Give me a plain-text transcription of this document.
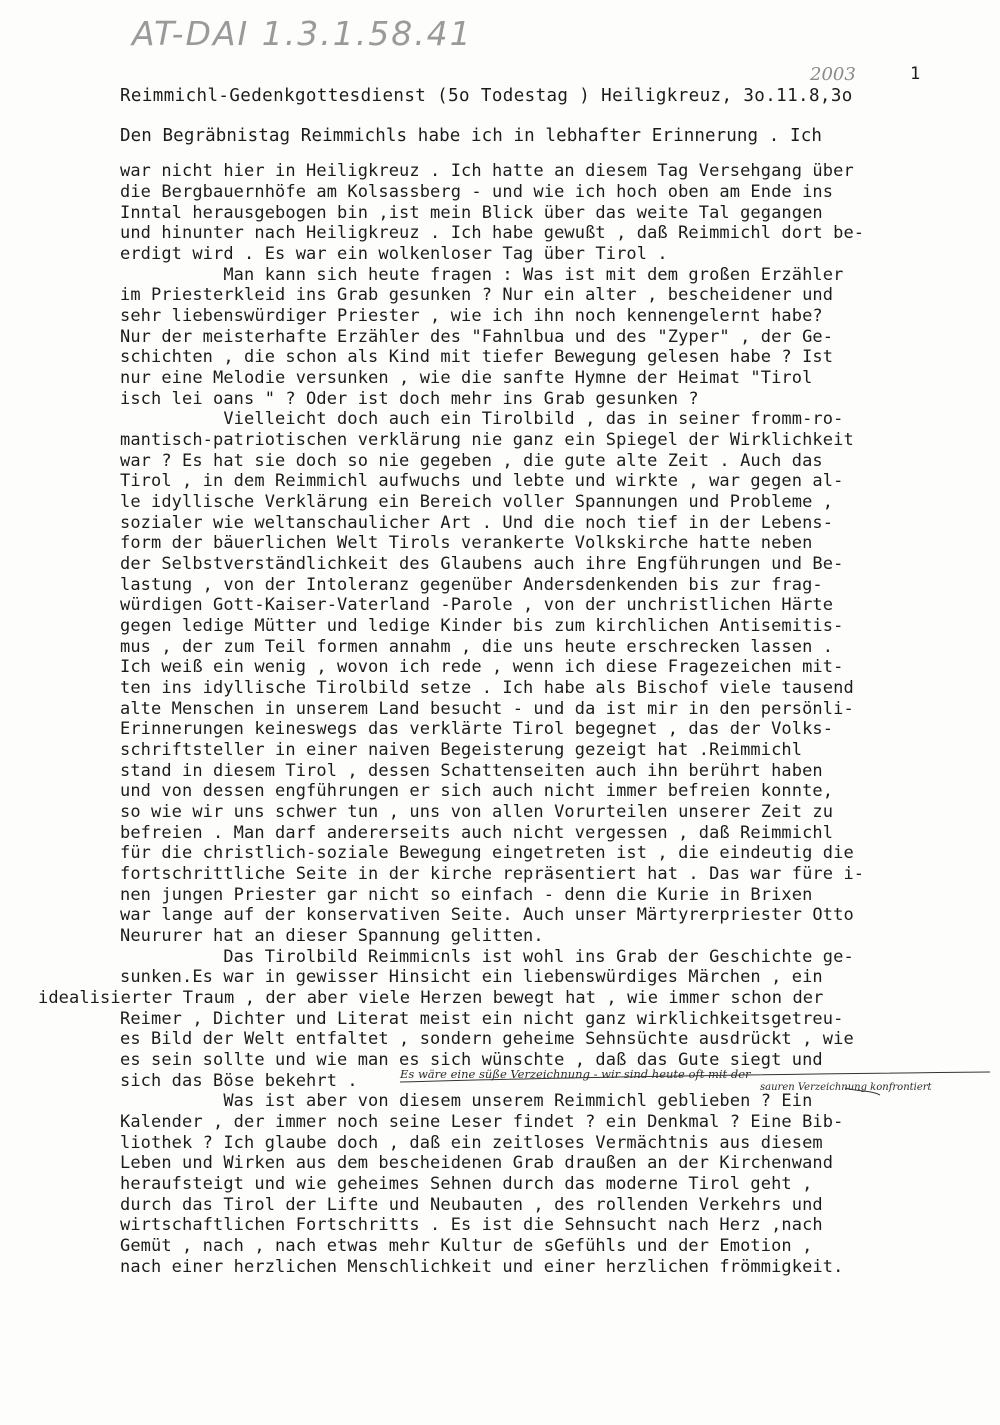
AT-DAI 1.3.1.58.41
2003	1
Reimmichl-Gedenkgottesdienst (5o Todestag ) Heiligkreuz, 3o.11.8,3o
Den Begräbnistag Reimmichls habe ich in lebhafter Erinnerung . Ich
war nicht hier in Heiligkreuz . Ich hatte an diesem Tag Versehgang über
die Bergbauernhöfe am Kolsassberg - und wie ich hoch oben am Ende ins
Inntal herausgebogen bin ,ist mein Blick über das weite Tal gegangen
und hinunter nach Heiligkreuz . Ich habe gewußt , daß Reimmichl dort be-
erdigt wird . Es war ein wolkenloser Tag über Tirol .
Man kann sich heute fragen : Was ist mit dem großen Erzähler
im Priesterkleid ins Grab gesunken ? Nur ein alter , bescheidener und
sehr liebenswürdiger Priester , wie ich ihn noch kennengelernt habe?
Nur der meisterhafte Erzähler des "Fahnlbua und des "Zyper" , der Ge-
schichten , die schon als Kind mit tiefer Bewegung gelesen habe ? Ist
nur eine Melodie versunken , wie die sanfte Hymne der Heimat "Tirol
isch lei oans " ? Oder ist doch mehr ins Grab gesunken ?
Vielleicht doch auch ein Tirolbild , das in seiner fromm-ro-
mantisch-patriotischen verklärung nie ganz ein Spiegel der Wirklichkeit
war ? Es hat sie doch so nie gegeben , die gute alte Zeit . Auch das
Tirol , in dem Reimmichl aufwuchs und lebte und wirkte , war gegen al-
le idyllische Verklärung ein Bereich voller Spannungen und Probleme ,
sozialer wie weltanschaulicher Art . Und die noch tief in der Lebens-
form der bäuerlichen Welt Tirols verankerte Volkskirche hatte neben
der Selbstverständlichkeit des Glaubens auch ihre Engführungen und Be-
lastung , von der Intoleranz gegenüber Andersdenkenden bis zur frag-
würdigen Gott-Kaiser-Vaterland -Parole , von der unchristlichen Härte
gegen ledige Mütter und ledige Kinder bis zum kirchlichen Antisemitis-
mus , der zum Teil formen annahm , die uns heute erschrecken lassen .
Ich weiß ein wenig , wovon ich rede , wenn ich diese Fragezeichen mit-
ten ins idyllische Tirolbild setze . Ich habe als Bischof viele tausend
alte Menschen in unserem Land besucht - und da ist mir in den persönli-
Erinnerungen keineswegs das verklärte Tirol begegnet , das der Volks-
schriftsteller in einer naiven Begeisterung gezeigt hat .Reimmichl
stand in diesem Tirol , dessen Schattenseiten auch ihn berührt haben
und von dessen engführungen er sich auch nicht immer befreien konnte,
so wie wir uns schwer tun , uns von allen Vorurteilen unserer Zeit zu
befreien . Man darf andererseits auch nicht vergessen , daß Reimmichl
für die christlich-soziale Bewegung eingetreten ist , die eindeutig die
fortschrittliche Seite in der kirche repräsentiert hat . Das war füre i-
nen jungen Priester gar nicht so einfach - denn die Kurie in Brixen
war lange auf der konservativen Seite. Auch unser Märtyrerpriester Otto
Neururer hat an dieser Spannung gelitten.
Das Tirolbild Reimmicnls ist wohl ins Grab der Geschichte ge-
sunken.Es war in gewisser Hinsicht ein liebenswürdiges Märchen , ein
idealisierter Traum , der aber viele Herzen bewegt hat , wie immer schon der
Reimer , Dichter und Literat meist ein nicht ganz wirklichkeitsgetreu-
es Bild der Welt entfaltet , sondern geheime Sehnsüchte ausdrückt , wie
es sein sollte und wie man es sich wünschte , daß das Gute siegt und
sich das Böse bekehrt .	Es wäre eine süße Verzeichnung - wir sind heute oft mit der
sauren Verzeichnung konfrontiert
Was ist aber von diesem unserem Reimmichl geblieben ? Ein
Kalender , der immer noch seine Leser findet ? ein Denkmal ? Eine Bib-
liothek ? Ich glaube doch , daß ein zeitloses Vermächtnis aus diesem
Leben und Wirken aus dem bescheidenen Grab draußen an der Kirchenwand
heraufsteigt und wie geheimes Sehnen durch das moderne Tirol geht ,
durch das Tirol der Lifte und Neubauten , des rollenden Verkehrs und
wirtschaftlichen Fortschritts . Es ist die Sehnsucht nach Herz ,nach
Gemüt , nach , nach etwas mehr Kultur de sGefühls und der Emotion ,
nach einer herzlichen Menschlichkeit und einer herzlichen frömmigkeit.
